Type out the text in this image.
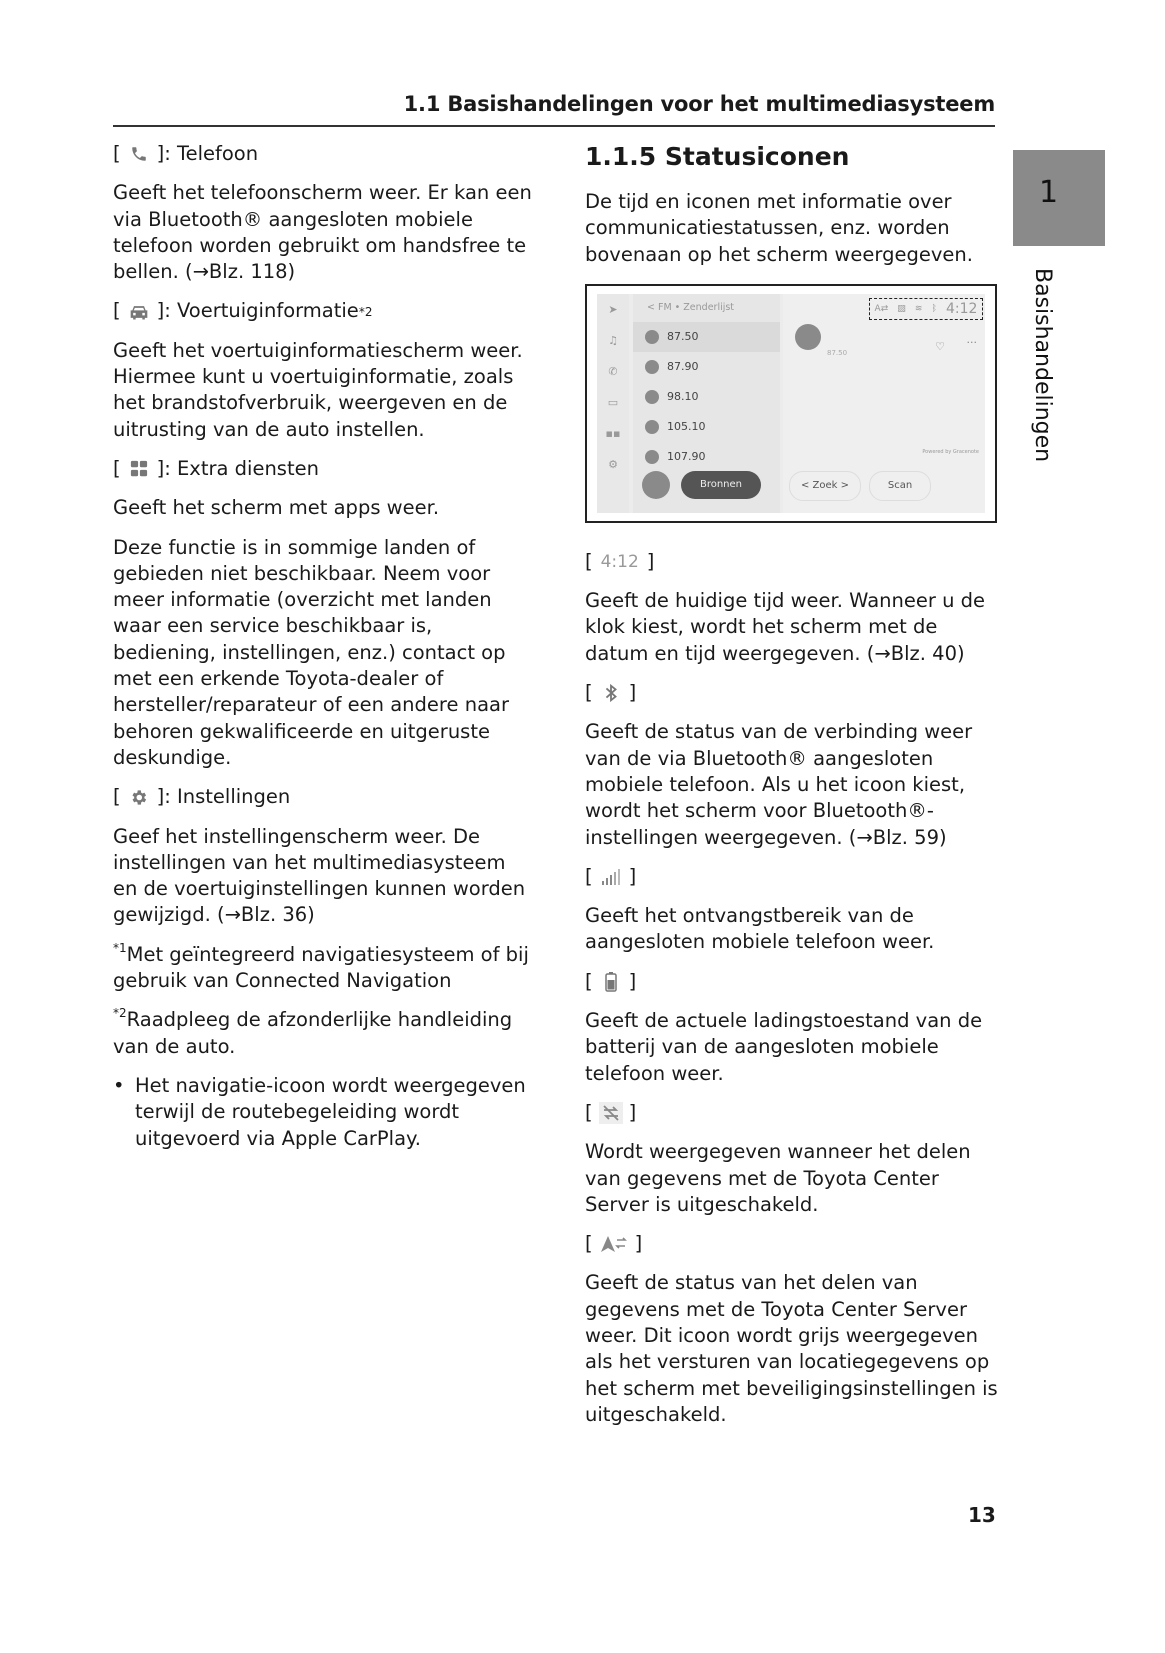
1.1 Basishandelingen voor het multimediasysteem
1
Basishandelingen
[ ]: Telefoon

Geeft het telefoonscherm weer. Er kan een via Bluetooth® aangesloten mobiele telefoon worden gebruikt om handsfree te bellen. (→Blz. 118)

[ ]: Voertuiginformatie *2

Geeft het voertuiginformatiescherm weer. Hiermee kunt u voertuiginformatie, zoals het brandstofverbruik, weergeven en de uitrusting van de auto instellen.

[ ]: Extra diensten

Geeft het scherm met apps weer.

Deze functie is in sommige landen of gebieden niet beschikbaar. Neem voor meer informatie (overzicht met landen waar een service beschikbaar is, bediening, instellingen, enz.) contact op met een erkende Toyota-dealer of hersteller/reparateur of een andere naar behoren gekwalificeerde en uitgeruste deskundige.

[ ]: Instellingen

Geef het instellingenscherm weer. De instellingen van het multimediasysteem en de voertuiginstellingen kunnen worden gewijzigd. (→Blz. 36)

$^{*1}$Met geïntegreerd navigatiesysteem of bij gebruik van Connected Navigation

$^{*2}$Raadpleeg de afzonderlijke handleiding van de auto.

• Het navigatie-icoon wordt weergegeven terwijl de routebegeleiding wordt uitgevoerd via Apple CarPlay.
1.1.5 Statusiconen

De tijd en iconen met informatie over communicatiestatussen, enz. worden bovenaan op het scherm weergegeven.

➤
♫
✆
▭
▪▪
⚙
< FM • Zenderlijst
87.50
87.90
98.10
105.10
107.90
Bronnen
A⇄ ▨ ≋ ᛒ 4:12
87.50	♡ ···
Powered by Gracenote
< Zoek >	Scan
[ 4:12 ]

Geeft de huidige tijd weer. Wanneer u de klok kiest, wordt het scherm met de datum en tijd weergegeven. (→Blz. 40)

[ ]

Geeft de status van de verbinding weer van de via Bluetooth® aangesloten mobiele telefoon. Als u het icoon kiest, wordt het scherm voor Bluetooth®-instellingen weergegeven. (→Blz. 59)

[ ]

Geeft het ontvangstbereik van de aangesloten mobiele telefoon weer.

[ ]

Geeft de actuele ladingstoestand van de batterij van de aangesloten mobiele telefoon weer.

[ ]

Wordt weergegeven wanneer het delen van gegevens met de Toyota Center Server is uitgeschakeld.

[ ]

Geeft de status van het delen van gegevens met de Toyota Center Server weer. Dit icoon wordt grijs weergegeven als het versturen van locatiegegevens op het scherm met beveiligingsinstellingen is uitgeschakeld.

13
